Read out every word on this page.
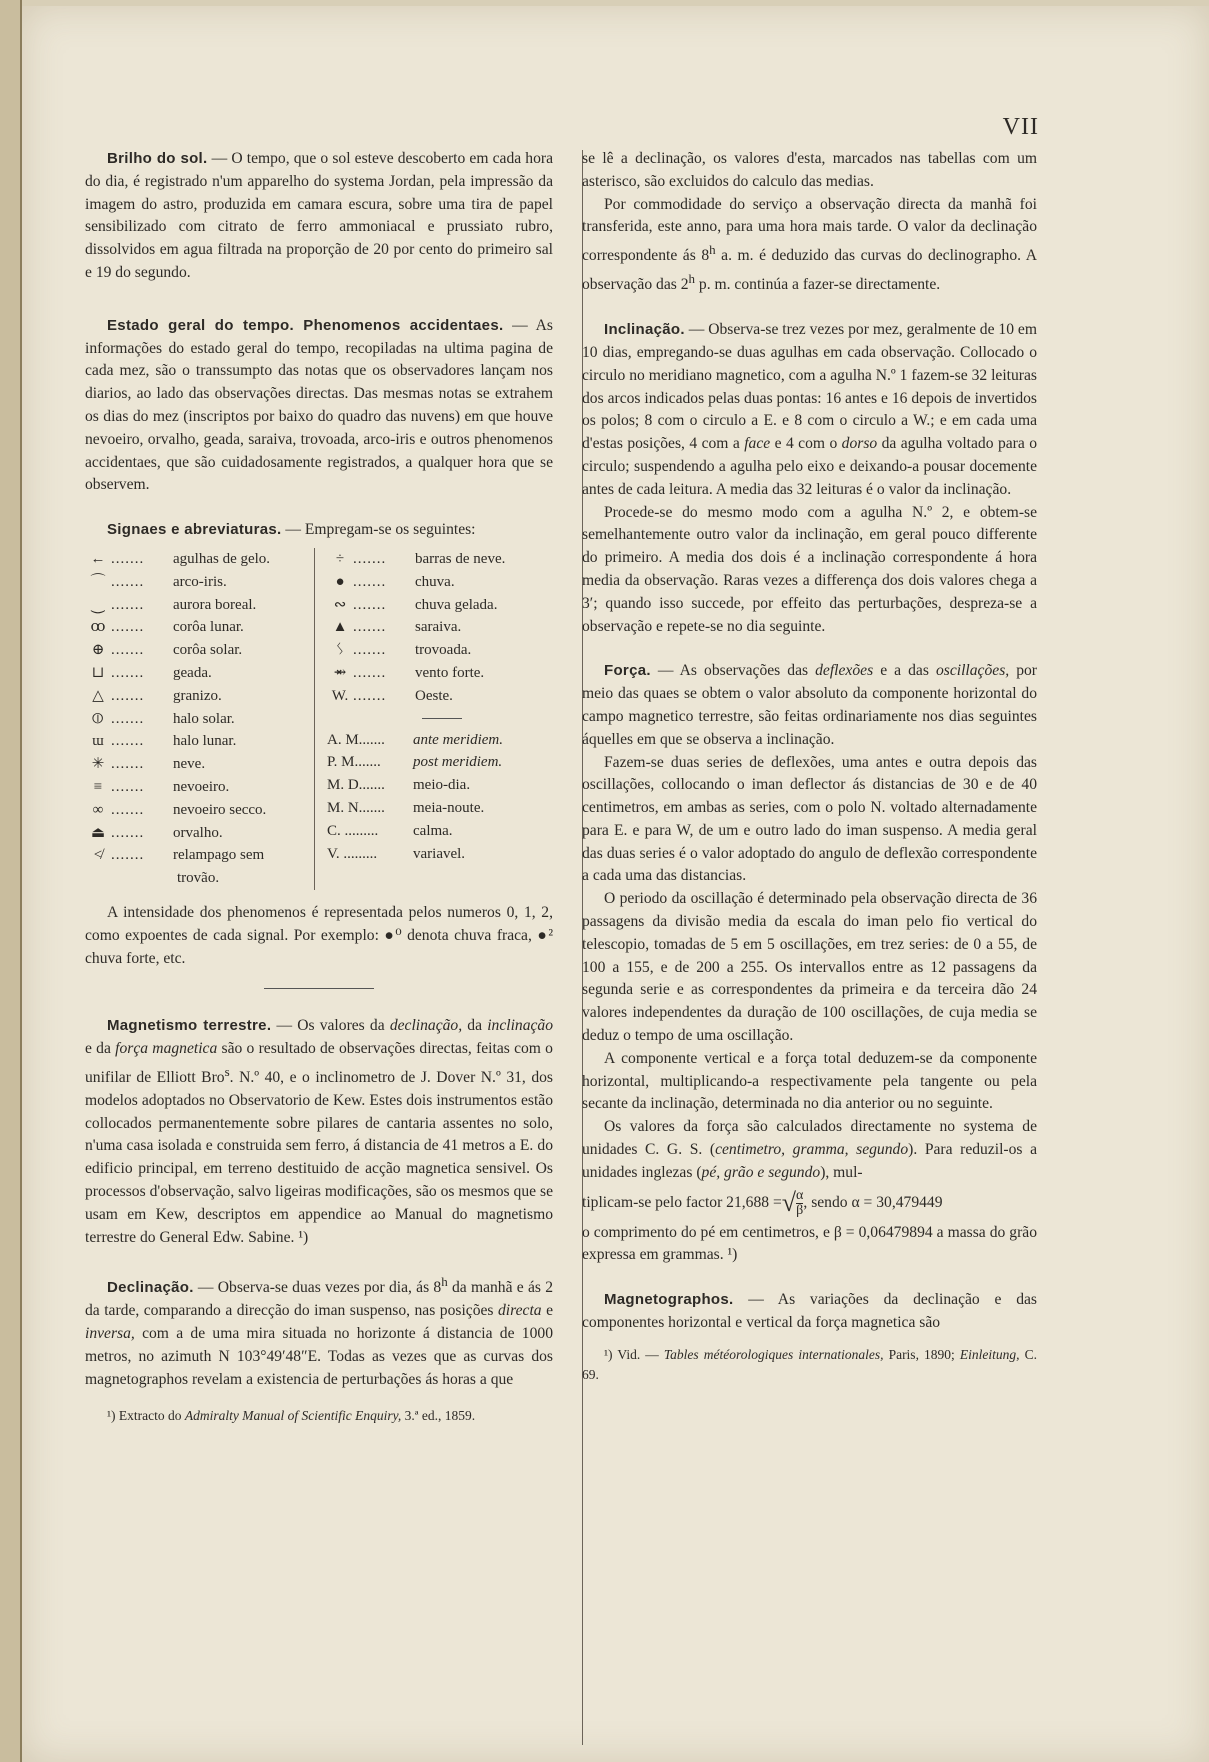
VII

Brilho do sol. — O tempo, que o sol esteve descoberto em cada hora do dia, é registrado n'um apparelho do systema Jordan, pela impressão da imagem do astro, produzida em camara escura, sobre uma tira de papel sensibilizado com citrato de ferro ammoniacal e prussiato rubro, dissolvidos em agua filtrada na proporção de 20 por cento do primeiro sal e 19 do segundo.

Estado geral do tempo. Phenomenos accidentaes. — As informações do estado geral do tempo, recopiladas na ultima pagina de cada mez, são o transsumpto das notas que os observadores lançam nos diarios, ao lado das observações directas. Das mesmas notas se extrahem os dias do mez (inscriptos por baixo do quadro das nuvens) em que houve nevoeiro, orvalho, geada, saraiva, trovoada, arco-iris e outros phenomenos accidentaes, que são cuidadosamente registrados, a qualquer hora que se observem.

Signaes e abreviaturas. — Empregam-se os seguintes:

← .......	agulhas de gelo.
⌒ .......	arco-iris.
⏝ .......	aurora boreal.
ꝏ .......	corôa lunar.
⊕ .......	corôa solar.
⊔ .......	geada.
△ .......	granizo.
⦶ .......	halo solar.
ɯ .......	halo lunar.
✳ .......	neve.
≡ .......	nevoeiro.
∞ .......	nevoeiro secco.
⏏ .......	orvalho.
≮ .......	relampago sem
trovão.
÷ .......	barras de neve.
● .......	chuva.
∾ .......	chuva gelada.
▲ .......	saraiva.
ᛊ .......	trovoada.
⥇ .......	vento forte.
W. .......	Oeste.
A. M.......	ante meridiem.
P. M.......	post meridiem.
M. D.......	meio-dia.
M. N.......	meia-noute.
C. .........	calma.
V. .........	variavel.

A intensidade dos phenomenos é representada pelos numeros 0, 1, 2, como expoentes de cada signal. Por exemplo: ●⁰ denota chuva fraca, ●² chuva forte, etc.

Magnetismo terrestre. — Os valores da declinação, da inclinação e da força magnetica são o resultado de observações directas, feitas com o unifilar de Elliott Bro$^s$. N.º 40, e o inclinometro de J. Dover N.º 31, dos modelos adoptados no Observatorio de Kew. Estes dois instrumentos estão collocados permanentemente sobre pilares de cantaria assentes no solo, n'uma casa isolada e construida sem ferro, á distancia de 41 metros a E. do edificio principal, em terreno destituido de acção magnetica sensivel. Os processos d'observação, salvo ligeiras modificações, são os mesmos que se usam em Kew, descriptos em appendice ao Manual do magnetismo terrestre do General Edw. Sabine. ¹)

Declinação. — Observa-se duas vezes por dia, ás 8$^h$ da manhã e ás 2 da tarde, comparando a direcção do iman suspenso, nas posições directa e inversa, com a de uma mira situada no horizonte á distancia de 1000 metros, no azimuth N 103°49′48″E. Todas as vezes que as curvas dos magnetographos revelam a existencia de perturbações ás horas a que

¹) Extracto do Admiralty Manual of Scientific Enquiry, 3.ª ed., 1859.

se lê a declinação, os valores d'esta, marcados nas tabellas com um asterisco, são excluidos do calculo das medias.

Por commodidade do serviço a observação directa da manhã foi transferida, este anno, para uma hora mais tarde. O valor da declinação correspondente ás 8$^h$ a. m. é deduzido das curvas do declinographo. A observação das 2$^h$ p. m. continúa a fazer-se directamente.

Inclinação. — Observa-se trez vezes por mez, geralmente de 10 em 10 dias, empregando-se duas agulhas em cada observação. Collocado o circulo no meridiano magnetico, com a agulha N.º 1 fazem-se 32 leituras dos arcos indicados pelas duas pontas: 16 antes e 16 depois de invertidos os polos; 8 com o circulo a E. e 8 com o circulo a W.; e em cada uma d'estas posições, 4 com a face e 4 com o dorso da agulha voltado para o circulo; suspendendo a agulha pelo eixo e deixando-a pousar docemente antes de cada leitura. A media das 32 leituras é o valor da inclinação.

Procede-se do mesmo modo com a agulha N.º 2, e obtem-se semelhantemente outro valor da inclinação, em geral pouco differente do primeiro. A media dos dois é a inclinação correspondente á hora media da observação. Raras vezes a differença dos dois valores chega a 3′; quando isso succede, por effeito das perturbações, despreza-se a observação e repete-se no dia seguinte.

Força. — As observações das deflexões e a das oscillações, por meio das quaes se obtem o valor absoluto da componente horizontal do campo magnetico terrestre, são feitas ordinariamente nos dias seguintes áquelles em que se observa a inclinação.

Fazem-se duas series de deflexões, uma antes e outra depois das oscillações, collocando o iman deflector ás distancias de 30 e de 40 centimetros, em ambas as series, com o polo N. voltado alternadamente para E. e para W, de um e outro lado do iman suspenso. A media geral das duas series é o valor adoptado do angulo de deflexão correspondente a cada uma das distancias.

O periodo da oscillação é determinado pela observação directa de 36 passagens da divisão media da escala do iman pelo fio vertical do telescopio, tomadas de 5 em 5 oscillações, em trez series: de 0 a 55, de 100 a 155, e de 200 a 255. Os intervallos entre as 12 passagens da segunda serie e as correspondentes da primeira e da terceira dão 24 valores independentes da duração de 100 oscillações, de cuja media se deduz o tempo de uma oscillação.

A componente vertical e a força total deduzem-se da componente horizontal, multiplicando-a respectivamente pela tangente ou pela secante da inclinação, determinada no dia anterior ou no seguinte.

Os valores da força são calculados directamente no systema de unidades C. G. S. (centimetro, gramma, segundo). Para reduzil-os a unidades inglezas (pé, grão e segundo), mul-

tiplicam-se pelo factor 21,688 =√ $\frac{\alpha}{\beta}$ , sendo α = 30,479449

o comprimento do pé em centimetros, e β = 0,06479894 a massa do grão expressa em grammas. ¹)

Magnetographos. — As variações da declinação e das componentes horizontal e vertical da força magnetica são

¹) Vid. — Tables météorologiques internationales, Paris, 1890; Einleitung, C. 69.
